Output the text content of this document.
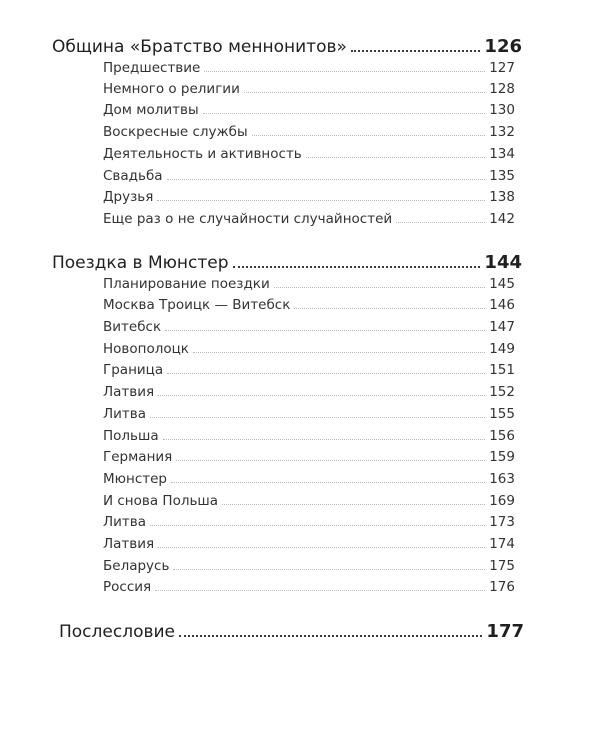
Община «Братство меннонитов»	126
Предшествие	127
Немного о религии	128
Дом молитвы	130
Воскресные службы	132
Деятельность и активность	134
Свадьба	135
Друзья	138
Еще раз о не случайности случайностей	142
Поездка в Мюнстер	144
Планирование поездки	145
Москва Троицк — Витебск	146
Витебск	147
Новополоцк	149
Граница	151
Латвия	152
Литва	155
Польша	156
Германия	159
Мюнстер	163
И снова Польша	169
Литва	173
Латвия	174
Беларусь	175
Россия	176
Послесловие	177
